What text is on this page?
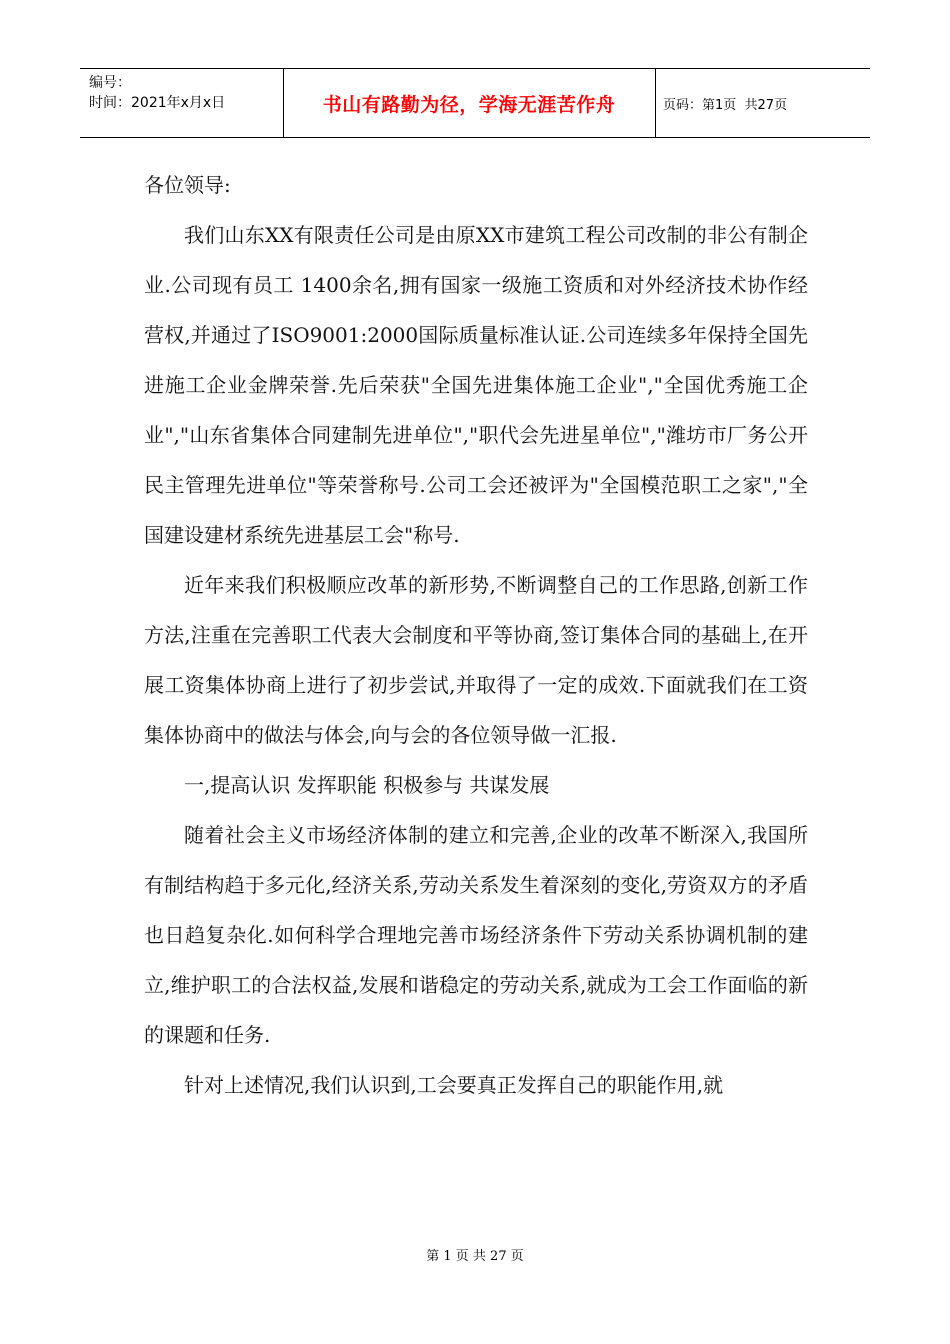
编号：
时间：2021年x月x日	书山有路勤为径，学海无涯苦作舟	页码：第1页  共27页

各位领导:

我们山东XX有限责任公司是由原XX市建筑工程公司改制的非公有制企业.公司现有员工 1400余名,拥有国家一级施工资质和对外经济技术协作经营权,并通过了ISO9001:2000国际质量标准认证.公司连续多年保持全国先进施工企业金牌荣誉.先后荣获"全国先进集体施工企业","全国优秀施工企业","山东省集体合同建制先进单位","职代会先进星单位","潍坊市厂务公开民主管理先进单位"等荣誉称号.公司工会还被评为"全国模范职工之家","全国建设建材系统先进基层工会"称号.

近年来我们积极顺应改革的新形势,不断调整自己的工作思路,创新工作方法,注重在完善职工代表大会制度和平等协商,签订集体合同的基础上,在开展工资集体协商上进行了初步尝试,并取得了一定的成效.下面就我们在工资集体协商中的做法与体会,向与会的各位领导做一汇报.

一,提高认识 发挥职能 积极参与 共谋发展

随着社会主义市场经济体制的建立和完善,企业的改革不断深入,我国所有制结构趋于多元化,经济关系,劳动关系发生着深刻的变化,劳资双方的矛盾也日趋复杂化.如何科学合理地完善市场经济条件下劳动关系协调机制的建立,维护职工的合法权益,发展和谐稳定的劳动关系,就成为工会工作面临的新的课题和任务.

针对上述情况,我们认识到,工会要真正发挥自己的职能作用,就

第 1 页 共 27 页
